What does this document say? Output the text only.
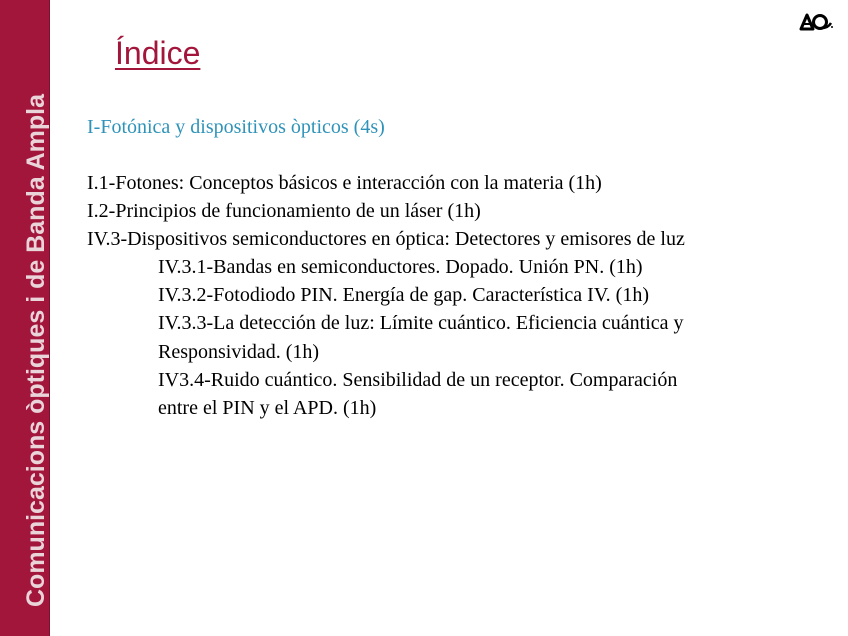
Comunicacions òptiques i de Banda Ampla
Índice
I-Fotónica y dispositivos òpticos (4s)
I.1-Fotones: Conceptos básicos e interacción con la materia (1h)
I.2-Principios de funcionamiento de un láser (1h)
IV.3-Dispositivos semiconductores en óptica: Detectores y emisores de luz
IV.3.1-Bandas en semiconductores. Dopado. Unión PN. (1h)
IV.3.2-Fotodiodo PIN. Energía de gap. Característica IV. (1h)
IV.3.3-La detección de luz: Límite cuántico. Eficiencia cuántica y
Responsividad. (1h)
IV3.4-Ruido cuántico. Sensibilidad de un receptor. Comparación
entre el PIN y el APD. (1h)
